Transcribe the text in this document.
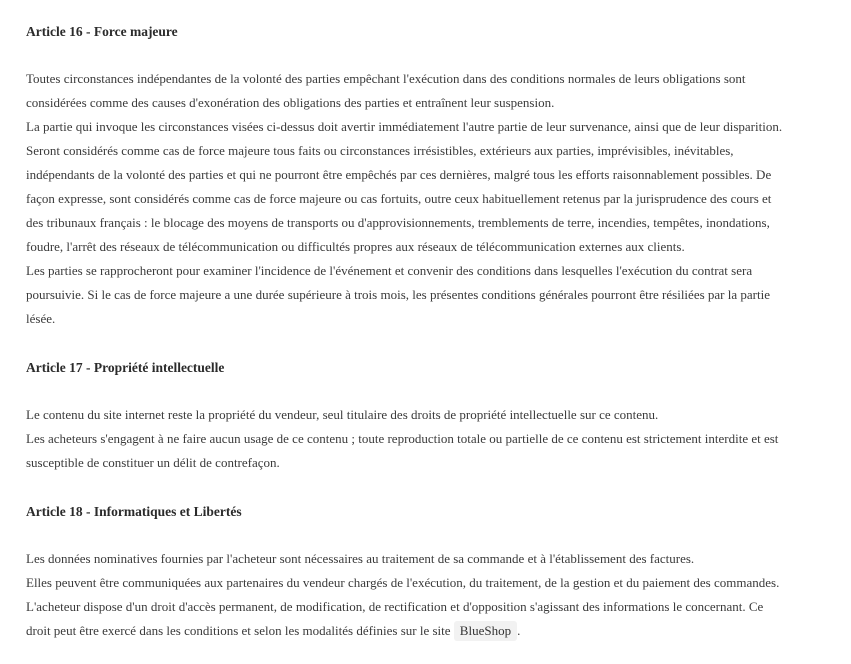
Article 16 - Force majeure
Toutes circonstances indépendantes de la volonté des parties empêchant l'exécution dans des conditions normales de leurs obligations sont
considérées comme des causes d'exonération des obligations des parties et entraînent leur suspension.
La partie qui invoque les circonstances visées ci-dessus doit avertir immédiatement l'autre partie de leur survenance, ainsi que de leur disparition.
Seront considérés comme cas de force majeure tous faits ou circonstances irrésistibles, extérieurs aux parties, imprévisibles, inévitables,
indépendants de la volonté des parties et qui ne pourront être empêchés par ces dernières, malgré tous les efforts raisonnablement possibles. De
façon expresse, sont considérés comme cas de force majeure ou cas fortuits, outre ceux habituellement retenus par la jurisprudence des cours et
des tribunaux français : le blocage des moyens de transports ou d'approvisionnements, tremblements de terre, incendies, tempêtes, inondations,
foudre, l'arrêt des réseaux de télécommunication ou difficultés propres aux réseaux de télécommunication externes aux clients.
Les parties se rapprocheront pour examiner l'incidence de l'événement et convenir des conditions dans lesquelles l'exécution du contrat sera
poursuivie. Si le cas de force majeure a une durée supérieure à trois mois, les présentes conditions générales pourront être résiliées par la partie
lésée.
Article 17 - Propriété intellectuelle
Le contenu du site internet reste la propriété du vendeur, seul titulaire des droits de propriété intellectuelle sur ce contenu.
Les acheteurs s'engagent à ne faire aucun usage de ce contenu ; toute reproduction totale ou partielle de ce contenu est strictement interdite et est
susceptible de constituer un délit de contrefaçon.
Article 18 - Informatiques et Libertés
Les données nominatives fournies par l'acheteur sont nécessaires au traitement de sa commande et à l'établissement des factures.
Elles peuvent être communiquées aux partenaires du vendeur chargés de l'exécution, du traitement, de la gestion et du paiement des commandes.
L'acheteur dispose d'un droit d'accès permanent, de modification, de rectification et d'opposition s'agissant des informations le concernant. Ce
droit peut être exercé dans les conditions et selon les modalités définies sur le site BlueShop .
